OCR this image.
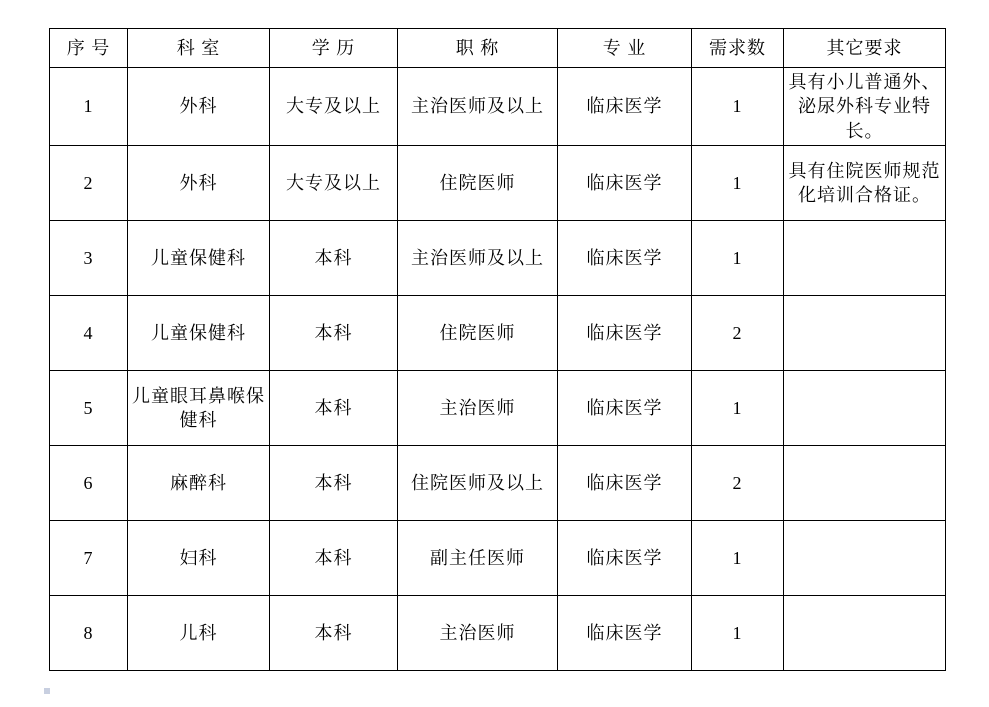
序 号	科 室	学 历	职 称	专 业	需求数	其它要求
1	外科	大专及以上	主治医师及以上	临床医学	1	具有小儿普通外、泌尿外科专业特长。
2	外科	大专及以上	住院医师	临床医学	1	具有住院医师规范化培训合格证。
3	儿童保健科	本科	主治医师及以上	临床医学	1	
4	儿童保健科	本科	住院医师	临床医学	2	
5	儿童眼耳鼻喉保健科	本科	主治医师	临床医学	1	
6	麻醉科	本科	住院医师及以上	临床医学	2	
7	妇科	本科	副主任医师	临床医学	1	
8	儿科	本科	主治医师	临床医学	1	
